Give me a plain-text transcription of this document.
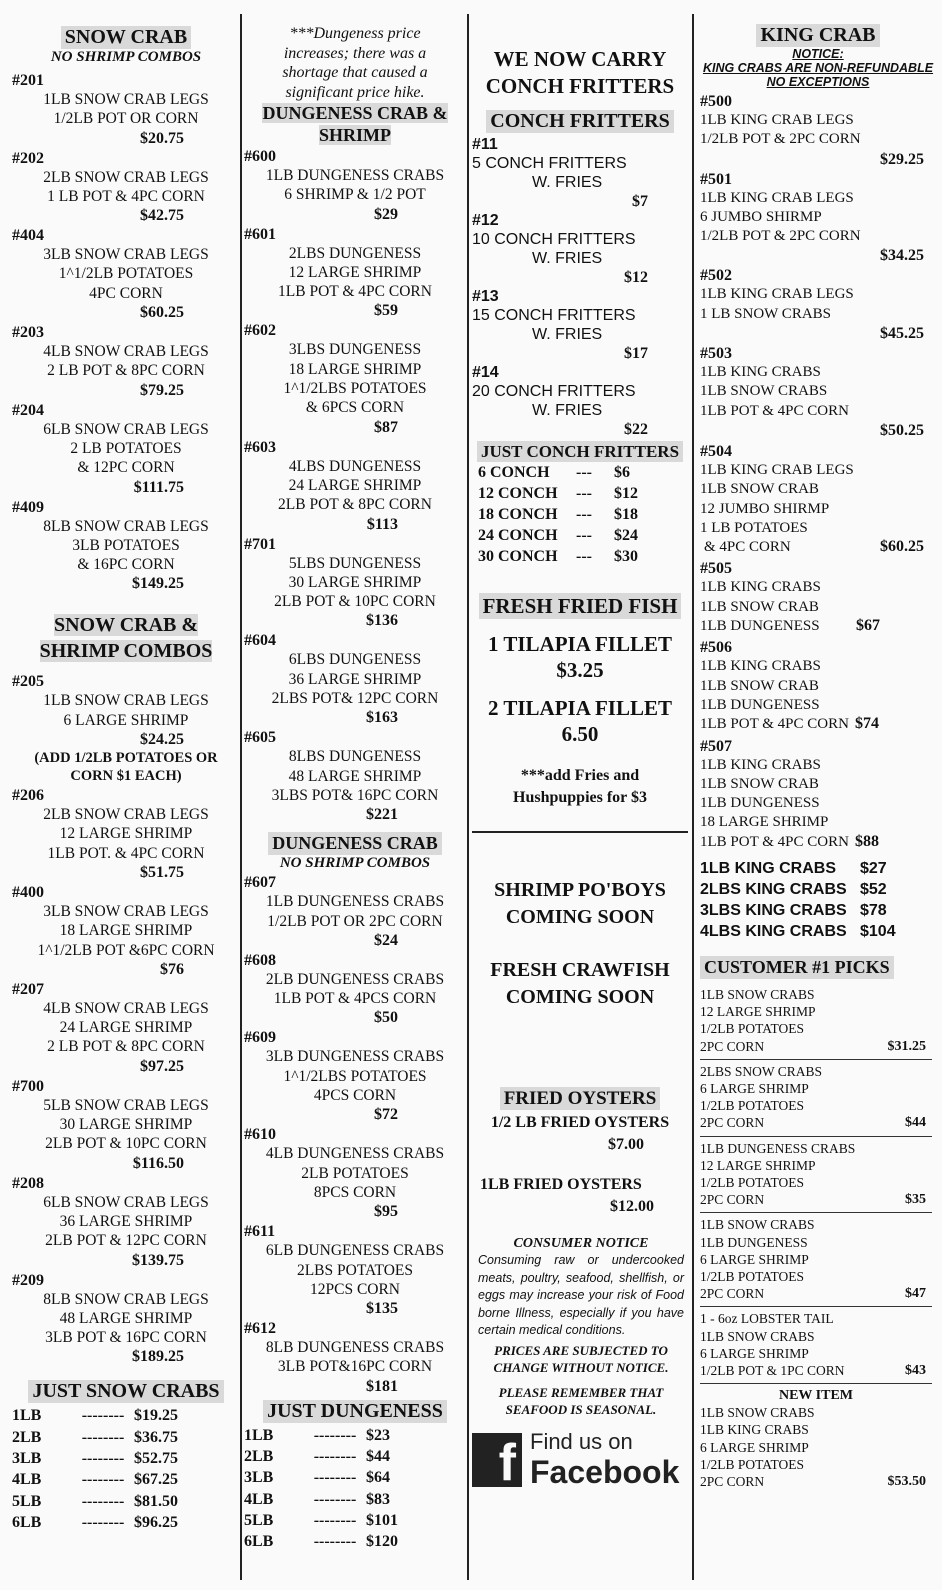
SNOW CRAB
NO SHRIMP COMBOS
#201
1LB SNOW CRAB LEGS
1/2LB POT OR CORN
$20.75
#202
2LB SNOW CRAB LEGS
1 LB POT & 4PC CORN
$42.75
#404
3LB SNOW CRAB LEGS
1^1/2LB POTATOES
4PC CORN
$60.25
#203
4LB SNOW CRAB LEGS
2 LB POT & 8PC CORN
$79.25
#204
6LB SNOW CRAB LEGS
2 LB POTATOES
& 12PC CORN
$111.75
#409
8LB SNOW CRAB LEGS
3LB POTATOES
& 16PC CORN
$149.25
SNOW CRAB &
SHRIMP COMBOS
#205
1LB SNOW CRAB LEGS
6 LARGE SHRIMP
$24.25
(ADD 1/2LB POTATOES OR CORN $1 EACH)
#206
2LB SNOW CRAB LEGS
12 LARGE SHRIMP
1LB POT. & 4PC CORN
$51.75
#400
3LB SNOW CRAB LEGS
18 LARGE SHRIMP
1^1/2LB POT &6PC CORN
$76
#207
4LB SNOW CRAB LEGS
24 LARGE SHRIMP
2 LB POT & 8PC CORN
$97.25
#700
5LB SNOW CRAB LEGS
30 LARGE SHRIMP
2LB POT & 10PC CORN
$116.50
#208
6LB SNOW CRAB LEGS
36 LARGE SHRIMP
2LB POT & 12PC CORN
$139.75
#209
8LB SNOW CRAB LEGS
48 LARGE SHRIMP
3LB POT & 16PC CORN
$189.25
JUST SNOW CRABS
1LB	-------- $19.25
2LB	-------- $36.75
3LB	-------- $52.75
4LB	-------- $67.25
5LB	-------- $81.50
6LB	-------- $96.25
***Dungeness price increases; there was a shortage that caused a significant price hike.
DUNGENESS CRAB & SHRIMP
#600
1LB DUNGENESS CRABS
6 SHRIMP & 1/2 POT
$29
#601
2LBS DUNGENESS
12 LARGE SHRIMP
1LB POT & 4PC CORN
$59
#602
3LBS DUNGENESS
18 LARGE SHRIMP
1^1/2LBS POTATOES
& 6PCS CORN
$87
#603
4LBS DUNGENESS
24 LARGE SHRIMP
2LB POT & 8PC CORN
$113
#701
5LBS DUNGENESS
30 LARGE SHRIMP
2LB POT & 10PC CORN
$136
#604
6LBS DUNGENESS
36 LARGE SHRIMP
2LBS POT& 12PC CORN
$163
#605
8LBS DUNGENESS
48 LARGE SHRIMP
3LBS POT& 16PC CORN
$221
DUNGENESS CRAB
NO SHRIMP COMBOS
#607
1LB DUNGENESS CRABS
1/2LB POT OR 2PC CORN
$24
#608
2LB DUNGENESS CRABS
1LB POT & 4PCS CORN
$50
#609
3LB DUNGENESS CRABS
1^1/2LBS POTATOES
4PCS CORN
$72
#610
4LB DUNGENESS CRABS
2LB POTATOES
8PCS CORN
$95
#611
6LB DUNGENESS CRABS
2LBS POTATOES
12PCS CORN
$135
#612
8LB DUNGENESS CRABS
3LB POT&16PC CORN
$181
JUST DUNGENESS
1LB	-------- $23
2LB	-------- $44
3LB	-------- $64
4LB	-------- $83
5LB	-------- $101
6LB	-------- $120
WE NOW CARRY
CONCH FRITTERS
CONCH FRITTERS
#11
5 CONCH FRITTERS
W. FRIES
$7
#12
10 CONCH FRITTERS
W. FRIES
$12
#13
15 CONCH FRITTERS
W. FRIES
$17
#14
20 CONCH FRITTERS
W. FRIES
$22
JUST CONCH FRITTERS
6 CONCH	---	$6
12 CONCH	---	$12
18 CONCH	---	$18
24 CONCH	---	$24
30 CONCH	---	$30
FRESH FRIED FISH
1 TILAPIA FILLET
$3.25
2 TILAPIA FILLET
6.50
***add Fries and Hushpuppies for $3
SHRIMP PO'BOYS
COMING SOON
FRESH CRAWFISH
COMING SOON
FRIED OYSTERS
1/2 LB FRIED OYSTERS
$7.00
1LB FRIED OYSTERS
$12.00
CONSUMER NOTICE
Consuming raw or undercooked meats, poultry, seafood, shellfish, or eggs may increase your risk of Food borne Illness, especially if you have certain medical conditions.
PRICES ARE SUBJECTED TO CHANGE WITHOUT NOTICE.
PLEASE REMEMBER THAT SEAFOOD IS SEASONAL.
f Find us on
Facebook
KING CRAB
NOTICE:
KING CRABS ARE NON-REFUNDABLE NO EXCEPTIONS
#500
1LB KING CRAB LEGS
1/2LB POT & 2PC CORN
$29.25
#501
1LB KING CRAB LEGS
6 JUMBO SHIRMP
1/2LB POT & 2PC CORN
$34.25
#502
1LB KING CRAB LEGS
1 LB SNOW CRABS
$45.25
#503
1LB KING CRABS
1LB SNOW CRABS
1LB POT & 4PC CORN
$50.25
#504
1LB KING CRAB LEGS
1LB SNOW CRAB
12 JUMBO SHIRMP
1 LB POTATOES
& 4PC CORN	$60.25
#505
1LB KING CRABS
1LB SNOW CRAB
1LB DUNGENESS $67
#506
1LB KING CRABS
1LB SNOW CRAB
1LB DUNGENESS
1LB POT & 4PC CORN $74
#507
1LB KING CRABS
1LB SNOW CRAB
1LB DUNGENESS
18 LARGE SHRIMP
1LB POT & 4PC CORN $88
1LB KING CRABS	$27
2LBS KING CRABS $52
3LBS KING CRABS $78
4LBS KING CRABS $104
CUSTOMER #1 PICKS
1LB SNOW CRABS
12 LARGE SHRIMP
1/2LB POTATOES
2PC CORN	$31.25
2LBS SNOW CRABS
6 LARGE SHRIMP
1/2LB POTATOES
2PC CORN	$44
1LB DUNGENESS CRABS
12 LARGE SHRIMP
1/2LB POTATOES
2PC CORN	$35
1LB SNOW CRABS
1LB DUNGENESS
6 LARGE SHRIMP
1/2LB POTATOES
2PC CORN	$47
1 - 6oz LOBSTER TAIL
1LB SNOW CRABS
6 LARGE SHRIMP
1/2LB POT & 1PC CORN	$43
NEW ITEM
1LB SNOW CRABS
1LB KING CRABS
6 LARGE SHRIMP
1/2LB POTATOES
2PC CORN	$53.50
